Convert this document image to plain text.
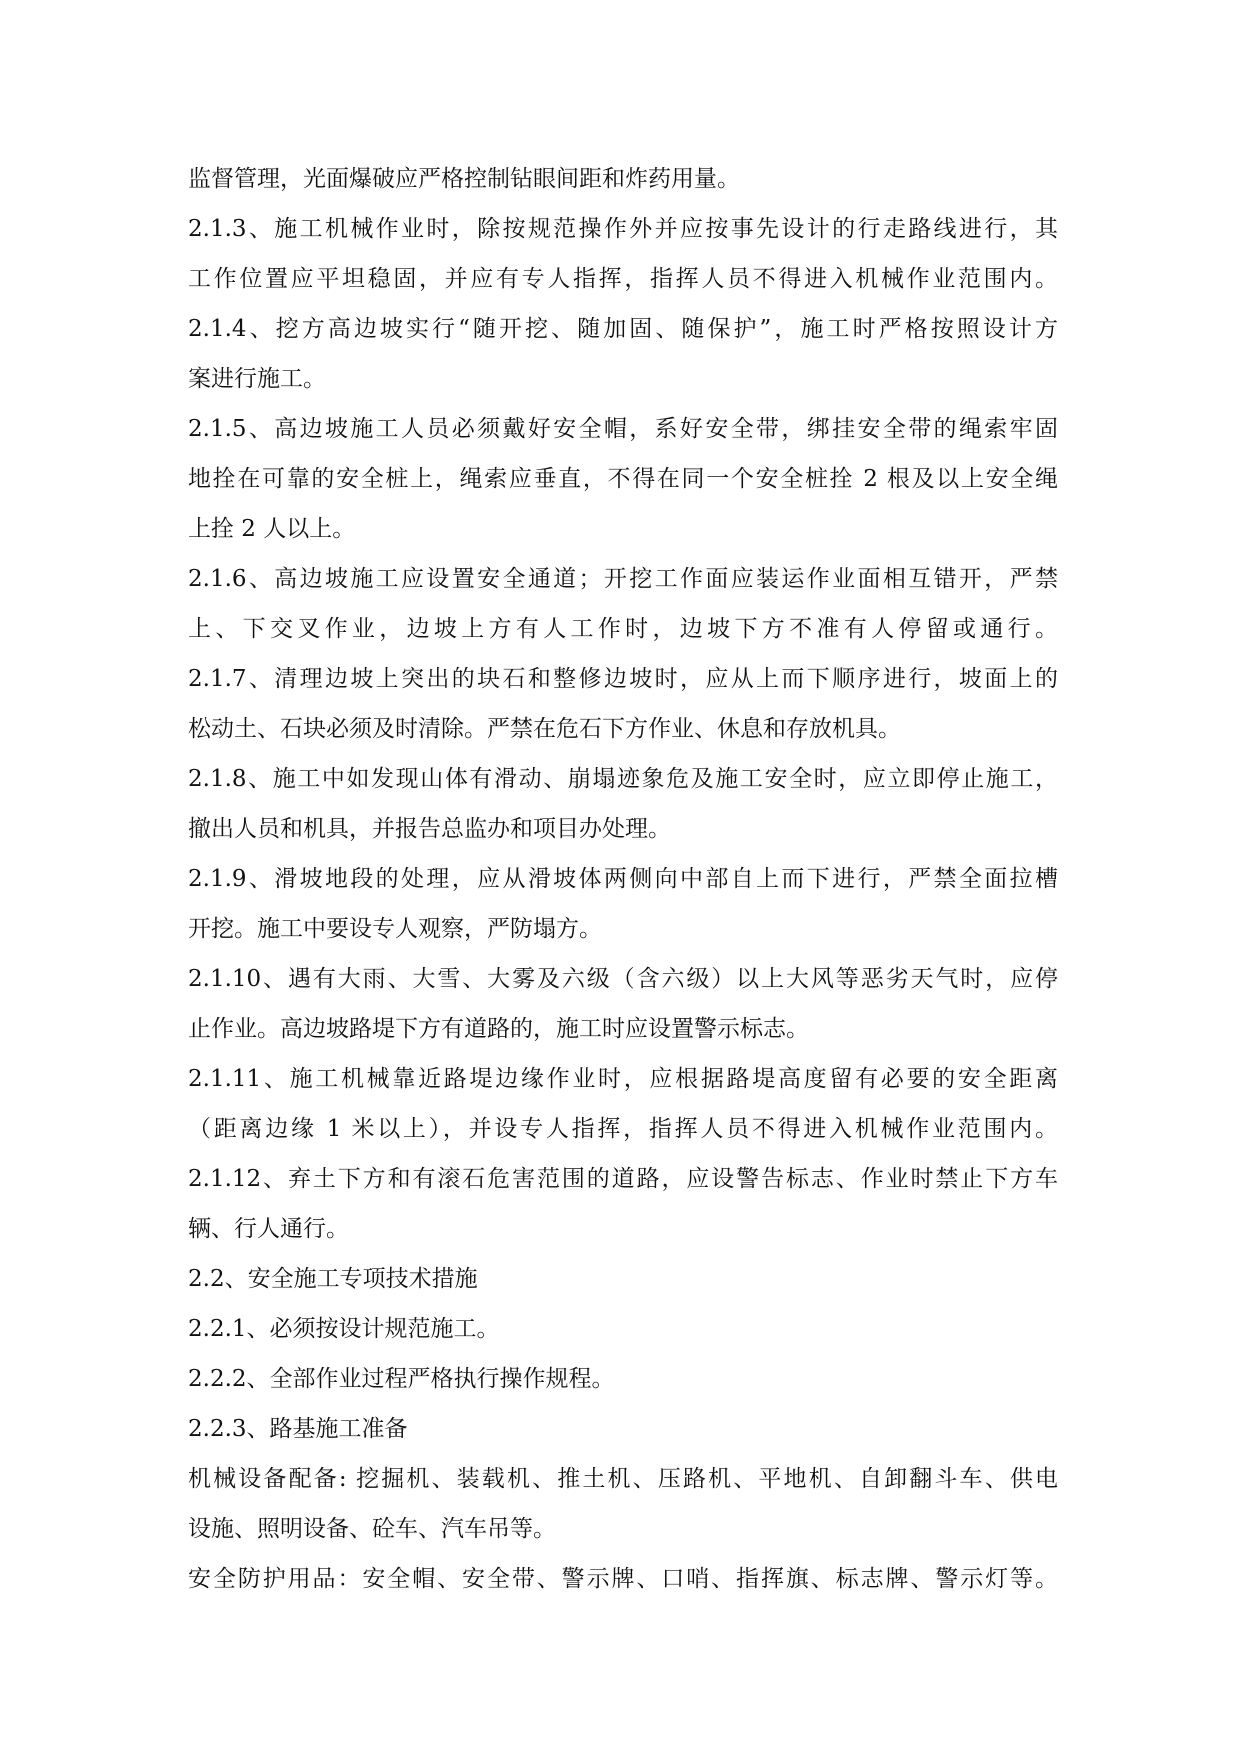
监督管理，光面爆破应严格控制钻眼间距和炸药用量。
2.1.3、施工机械作业时，除按规范操作外并应按事先设计的行走路线进行，其
工作位置应平坦稳固，并应有专人指挥，指挥人员不得进入机械作业范围内。
2.1.4、挖方高边坡实行“随开挖、随加固、随保护”，施工时严格按照设计方
案进行施工。
2.1.5、高边坡施工人员必须戴好安全帽，系好安全带，绑挂安全带的绳索牢固
地拴在可靠的安全桩上，绳索应垂直，不得在同一个安全桩拴 2 根及以上安全绳
上拴 2 人以上。
2.1.6、高边坡施工应设置安全通道；开挖工作面应装运作业面相互错开，严禁
上、下交叉作业，边坡上方有人工作时，边坡下方不准有人停留或通行。
2.1.7、清理边坡上突出的块石和整修边坡时，应从上而下顺序进行，坡面上的
松动土、石块必须及时清除。严禁在危石下方作业、休息和存放机具。
2.1.8、施工中如发现山体有滑动、崩塌迹象危及施工安全时，应立即停止施工，
撤出人员和机具，并报告总监办和项目办处理。
2.1.9、滑坡地段的处理，应从滑坡体两侧向中部自上而下进行，严禁全面拉槽
开挖。施工中要设专人观察，严防塌方。
2.1.10、遇有大雨、大雪、大雾及六级（含六级）以上大风等恶劣天气时，应停
止作业。高边坡路堤下方有道路的，施工时应设置警示标志。
2.1.11、施工机械靠近路堤边缘作业时，应根据路堤高度留有必要的安全距离
（距离边缘 1 米以上），并设专人指挥，指挥人员不得进入机械作业范围内。
2.1.12、弃土下方和有滚石危害范围的道路，应设警告标志、作业时禁止下方车
辆、行人通行。
2.2、安全施工专项技术措施
2.2.1、必须按设计规范施工。
2.2.2、全部作业过程严格执行操作规程。
2.2.3、路基施工准备
机械设备配备: 挖掘机、装载机、推土机、压路机、平地机、自卸翻斗车、供电
设施、照明设备、砼车、汽车吊等。
安全防护用品：安全帽、安全带、警示牌、口哨、指挥旗、标志牌、警示灯等。
